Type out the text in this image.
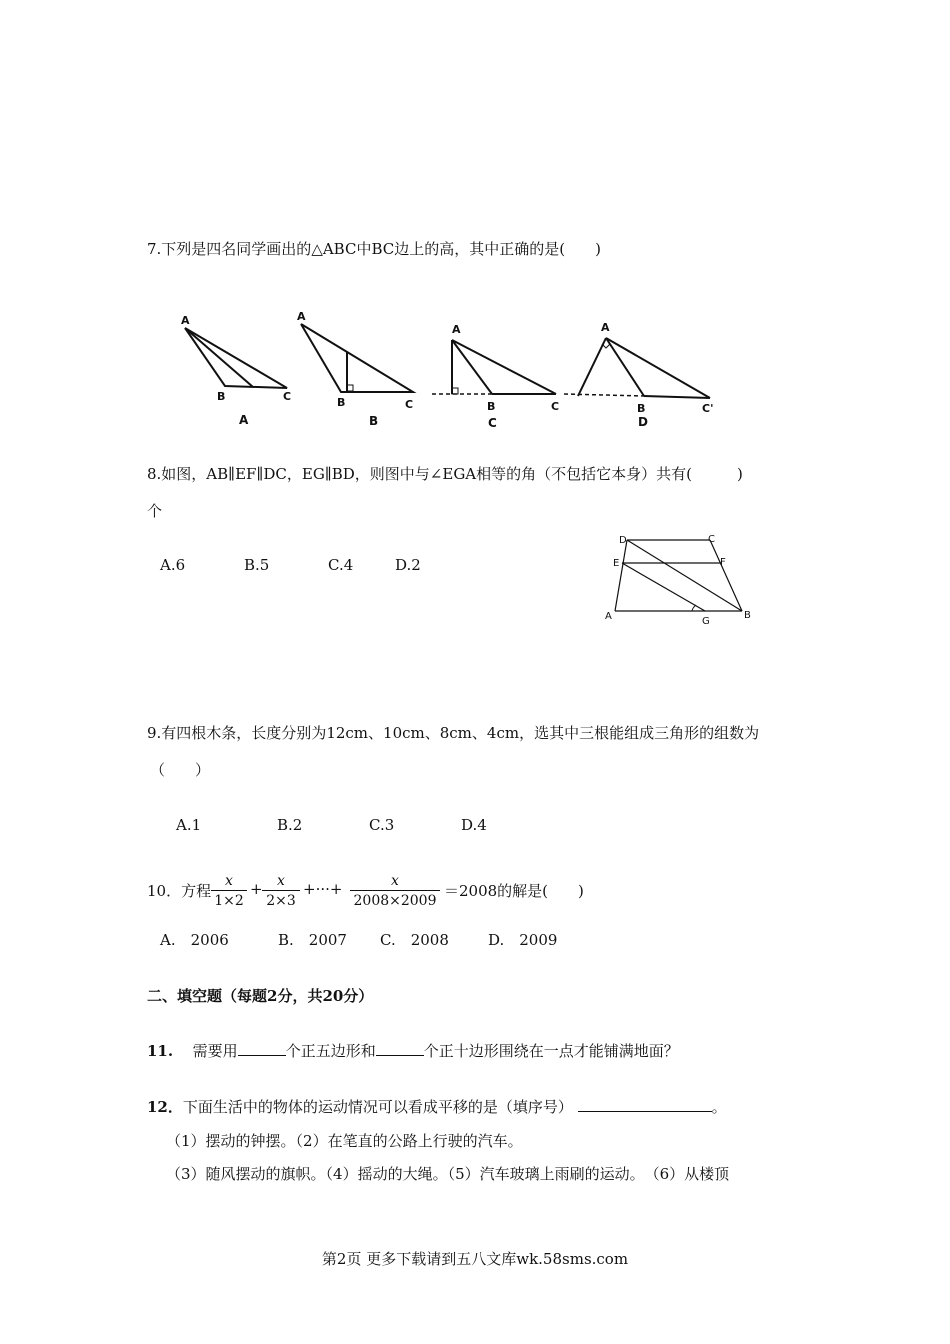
7.下列是四名同学画出的△ABC中BC边上的高，其中正确的是(　　)
A
B	C
A
A
B	C
B
A
B	C
C
A
B	C'
D
8.如图，AB∥EF∥DC，EG∥BD，则图中与∠EGA相等的角（不包括它本身）共有(　　　)
个
A.6	B.5	C.4	D.2
D	C
E	F
A	G
B
9.有四根木条，长度分别为12cm、10cm、8cm、4cm，选其中三根能组成三角形的组数为
（　　）
A.1	B.2	C.3	D.4
10．方程 $\frac{x}{1\times 2} + \frac{x}{2\times 3}$ +···+ $\frac{x}{2008\times 2009} =2008$的解是(　　)
A.　2006	B.　2007 C.　2008	D.　2009
二、填空题（每题2分，共20分）
11. 需要用	个正五边形和	个正十边形围绕在一点才能铺满地面？
12．下面生活中的物体的运动情况可以看成平移的是（填序号）	。
（1）摆动的钟摆。（2）在笔直的公路上行驶的汽车。
（3）随风摆动的旗帜。（4）摇动的大绳。（5）汽车玻璃上雨刷的运动。　（6）从楼顶
第2页 更多下载请到五八文库wk.58sms.com
